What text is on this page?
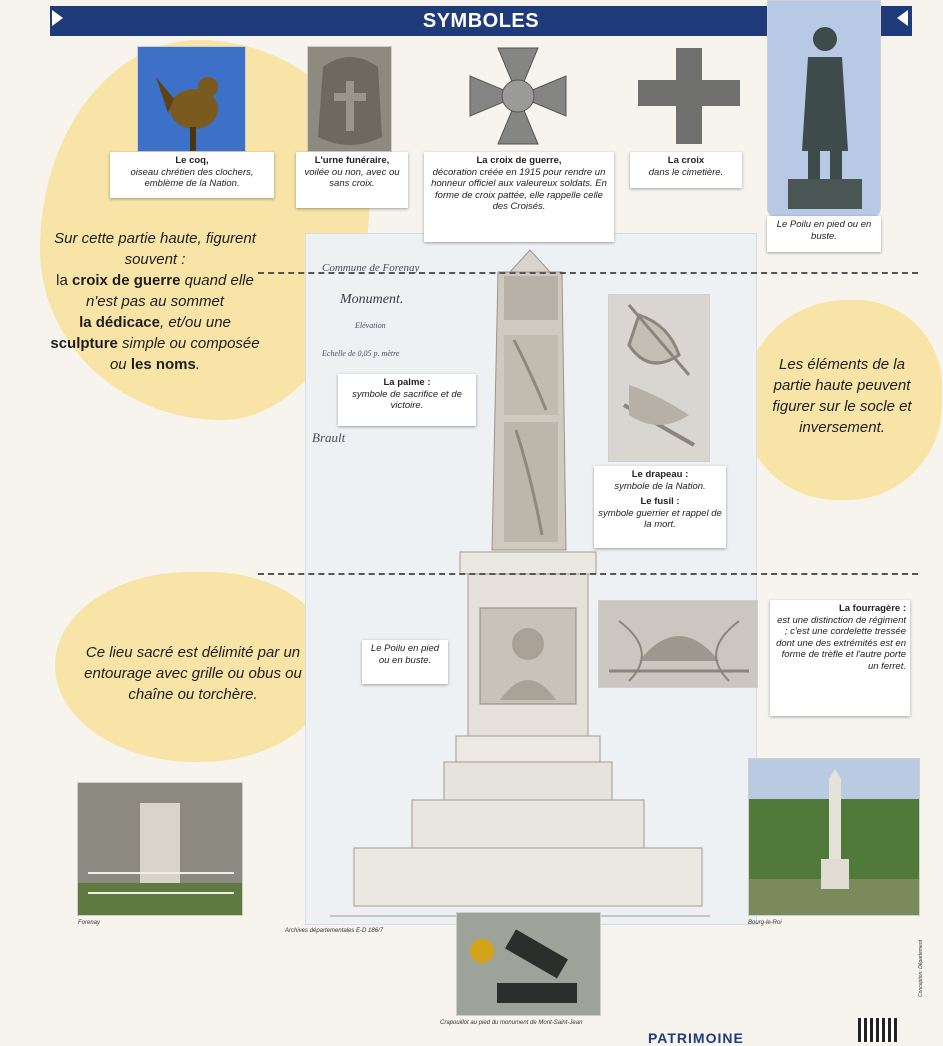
SYMBOLES
Commune de Forenay
Monument.
Elévation
Echelle de 0,05 p. mètre
Brault
Le coq,
oiseau chrétien des clochers, emblème de la Nation.
L'urne funéraire,
voilée ou non, avec ou sans croix.
La croix de guerre,
décoration créée en 1915 pour rendre un honneur officiel aux valeureux soldats. En forme de croix pattée, elle rappelle celle des Croisés.
La croix
dans le cimetière.
Le Poilu en pied ou en buste.
Sur cette partie haute, figurent souvent :
la croix de guerre quand elle n'est pas au sommet
la dédicace, et/ou une
sculpture simple ou composée ou les noms.	Les éléments de la partie haute peuvent figurer sur le socle et inversement.
La palme :
symbole de sacrifice et de victoire.
Le drapeau :
symbole de la Nation.
Le fusil :
symbole guerrier et rappel de la mort.
La fourragère :
est une distinction de régiment ; c'est une cordelette tressée dont une des extrémités est en forme de trèfle et l'autre porte un ferret.
Le Poilu en pied ou en buste.
Ce lieu sacré est délimité par un entourage avec grille ou obus ou chaîne ou torchère.
Forenay
Archives départementales E-D 186/7
Crapouillot au pied du monument de Mont-Saint-Jean
Bourg-le-Roi
Conception: Département
PATRIMOINE
